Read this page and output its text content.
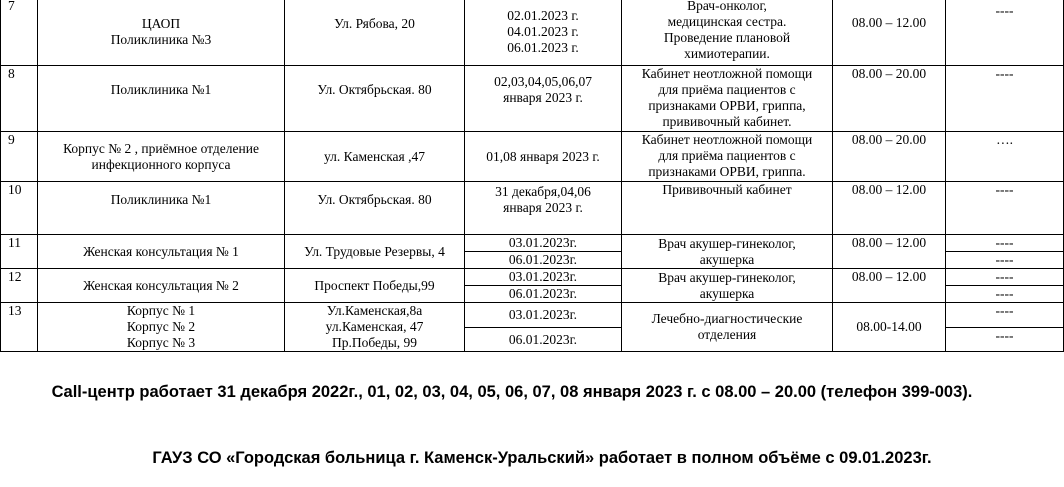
7	ЦАОП
Поликлиника №3	Ул. Рябова, 20	02.01.2023 г.
04.01.2023 г.
06.01.2023 г.	Врач-онколог,
медицинская сестра.
Проведение плановой
химиотерапии.	08.00 – 12.00	----
8	Поликлиника №1	Ул. Октябрьская. 80	02,03,04,05,06,07
января 2023 г.	Кабинет неотложной помощи
для приёма пациентов с
признаками ОРВИ, гриппа,
прививочный кабинет.	08.00 – 20.00	----
9	Корпус № 2 , приёмное отделение
инфекционного корпуса	ул. Каменская ,47	01,08 января 2023 г.	Кабинет неотложной помощи
для приёма пациентов с
признаками ОРВИ, гриппа.	08.00 – 20.00	….
10	Поликлиника №1	Ул. Октябрьская. 80	31 декабря,04,06
января 2023 г.	Прививочный кабинет	08.00 – 12.00	----
11	Женская консультация № 1	Ул. Трудовые Резервы, 4	03.01.2023г.	Врач акушер-гинеколог,
акушерка	08.00 – 12.00	----
			06.01.2023г.			----
12	Женская консультация № 2	Проспект Победы,99	03.01.2023г.	Врач акушер-гинеколог,
акушерка	08.00 – 12.00	----
			06.01.2023г.			----
13	Корпус № 1
Корпус № 2
Корпус № 3	Ул.Каменская,8а
ул.Каменская, 47
Пр.Победы, 99	03.01.2023г.	Лечебно-диагностические
отделения	08.00-14.00	----
			06.01.2023г.			----
Call-центр работает 31 декабря 2022г., 01, 02, 03, 04, 05, 06, 07, 08 января 2023 г. с 08.00 – 20.00 (телефон 399-003).
ГАУЗ СО «Городская больница г. Каменск-Уральский» работает в полном объёме с 09.01.2023г.
